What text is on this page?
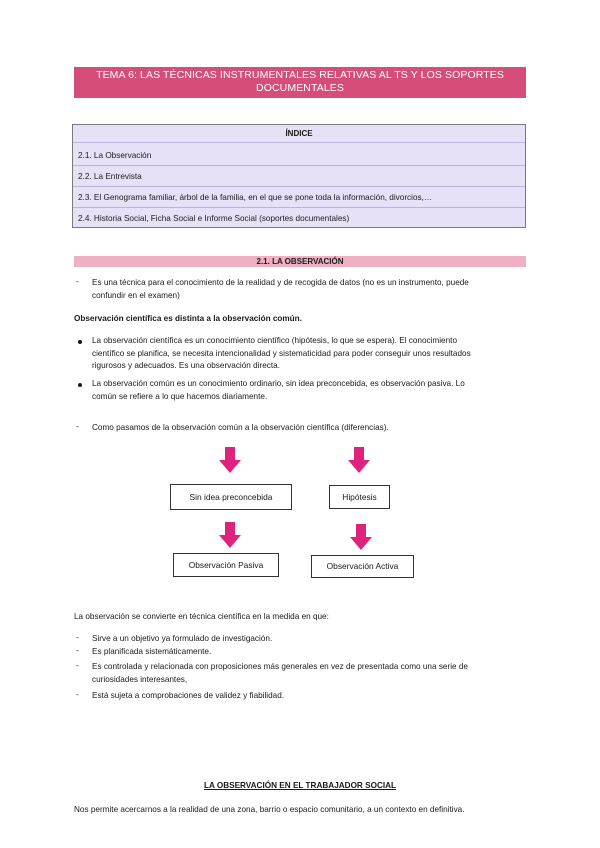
TEMA 6: LAS TÉCNICAS INSTRUMENTALES RELATIVAS AL TS Y LOS SOPORTES
DOCUMENTALES
ÍNDICE
2.1. La Observación
2.2. La Entrevista
2.3. El Genograma familiar, árbol de la familia, en el que se pone toda la información, divorcios,…
2.4. Historia Social, Ficha Social e Informe Social (soportes documentales)
2.1. LA OBSERVACIÓN
- Es una técnica para el conocimiento de la realidad y de recogida de datos (no es un instrumento, puede
confundir en el examen)
Observación científica es distinta a la observación común.
La observación científica es un conocimiento científico (hipótesis, lo que se espera). El conocimiento
científico se planifica, se necesita intencionalidad y sistematicidad para poder conseguir unos resultados
rigurosos y adecuados. Es una observación directa.
La observación común es un conocimiento ordinario, sin idea preconcebida, es observación pasiva. Lo
común se refiere a lo que hacemos diariamente.
- Como pasamos de la observación común a la observación científica (diferencias).
Sin idea preconcebida	Hipótesis
Observación Pasiva	Observación Activa
La observación se convierte en técnica científica en la medida en que:
- Sirve a un objetivo ya formulado de investigación.
- Es planificada sistemáticamente.
- Es controlada y relacionada con proposiciones más generales en vez de presentada como una serie de
curiosidades interesantes,
- Está sujeta a comprobaciones de validez y fiabilidad.
LA OBSERVACIÓN EN EL TRABAJADOR SOCIAL
Nos permite acercarnos a la realidad de una zona, barrio o espacio comunitario, a un contexto en definitiva.
